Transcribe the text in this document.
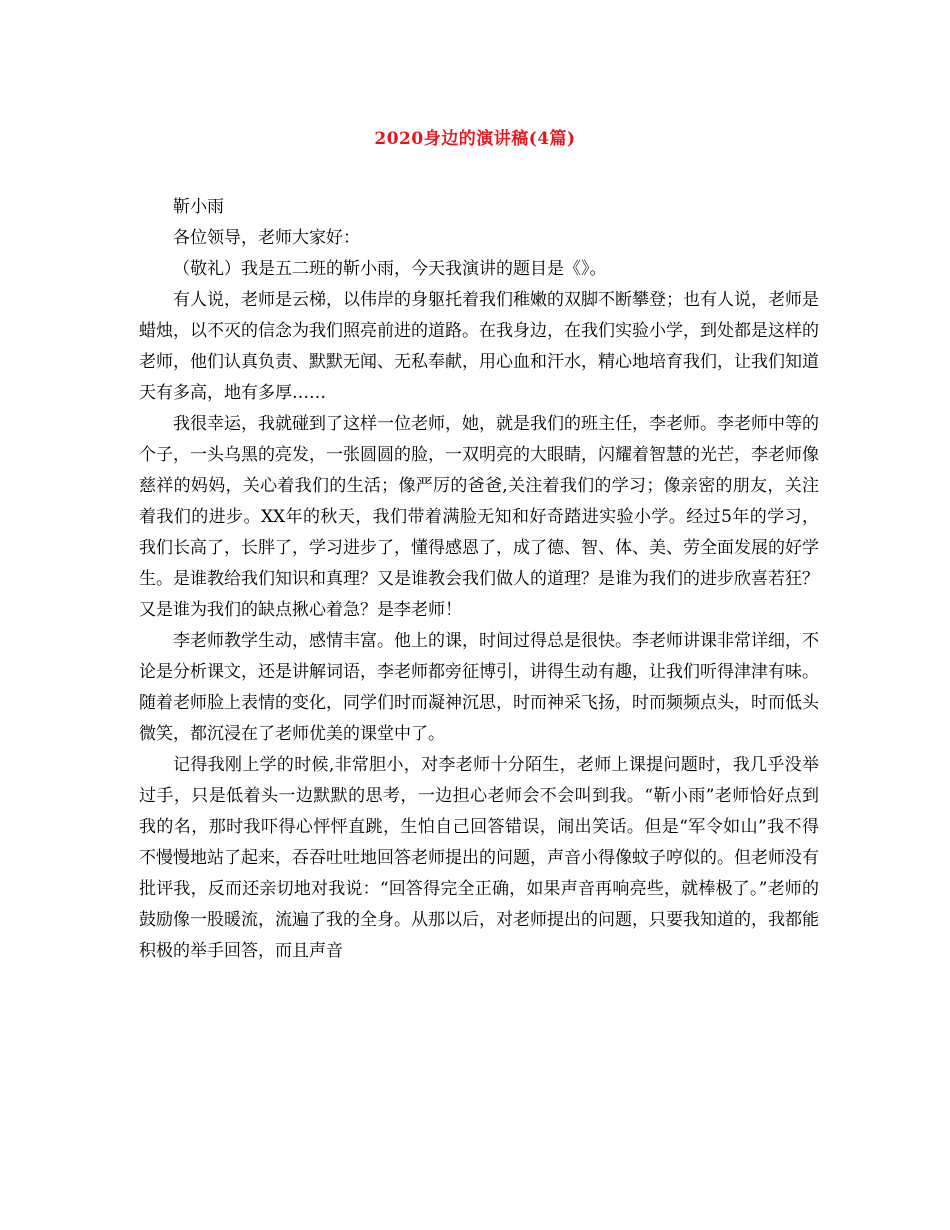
2020身边的演讲稿(4篇)

靳小雨

各位领导，老师大家好：

（敬礼）我是五二班的靳小雨，今天我演讲的题目是《》。

有人说，老师是云梯，以伟岸的身躯托着我们稚嫩的双脚不断攀登；也有人说，老师是蜡烛，以不灭的信念为我们照亮前进的道路。在我身边，在我们实验小学，到处都是这样的老师，他们认真负责、默默无闻、无私奉献，用心血和汗水，精心地培育我们，让我们知道天有多高，地有多厚……

我很幸运，我就碰到了这样一位老师，她，就是我们的班主任，李老师。李老师中等的个子，一头乌黑的亮发，一张圆圆的脸，一双明亮的大眼睛，闪耀着智慧的光芒，李老师像慈祥的妈妈，关心着我们的生活；像严厉的爸爸,关注着我们的学习；像亲密的朋友，关注着我们的进步。XX年的秋天，我们带着满脸无知和好奇踏进实验小学。经过5年的学习，我们长高了，长胖了，学习进步了，懂得感恩了，成了德、智、体、美、劳全面发展的好学生。是谁教给我们知识和真理？又是谁教会我们做人的道理？是谁为我们的进步欣喜若狂？又是谁为我们的缺点揪心着急？是李老师！

李老师教学生动，感情丰富。他上的课，时间过得总是很快。李老师讲课非常详细，不论是分析课文，还是讲解词语，李老师都旁征博引，讲得生动有趣，让我们听得津津有味。随着老师脸上表情的变化，同学们时而凝神沉思，时而神采飞扬，时而频频点头，时而低头微笑，都沉浸在了老师优美的课堂中了。

记得我刚上学的时候,非常胆小，对李老师十分陌生，老师上课提问题时，我几乎没举过手，只是低着头一边默默的思考，一边担心老师会不会叫到我。“靳小雨”老师恰好点到我的名，那时我吓得心怦怦直跳，生怕自己回答错误，闹出笑话。但是“军令如山”我不得不慢慢地站了起来，吞吞吐吐地回答老师提出的问题，声音小得像蚊子哼似的。但老师没有批评我，反而还亲切地对我说：“回答得完全正确，如果声音再响亮些，就棒极了。”老师的鼓励像一股暖流，流遍了我的全身。从那以后，对老师提出的问题，只要我知道的，我都能积极的举手回答，而且声音
